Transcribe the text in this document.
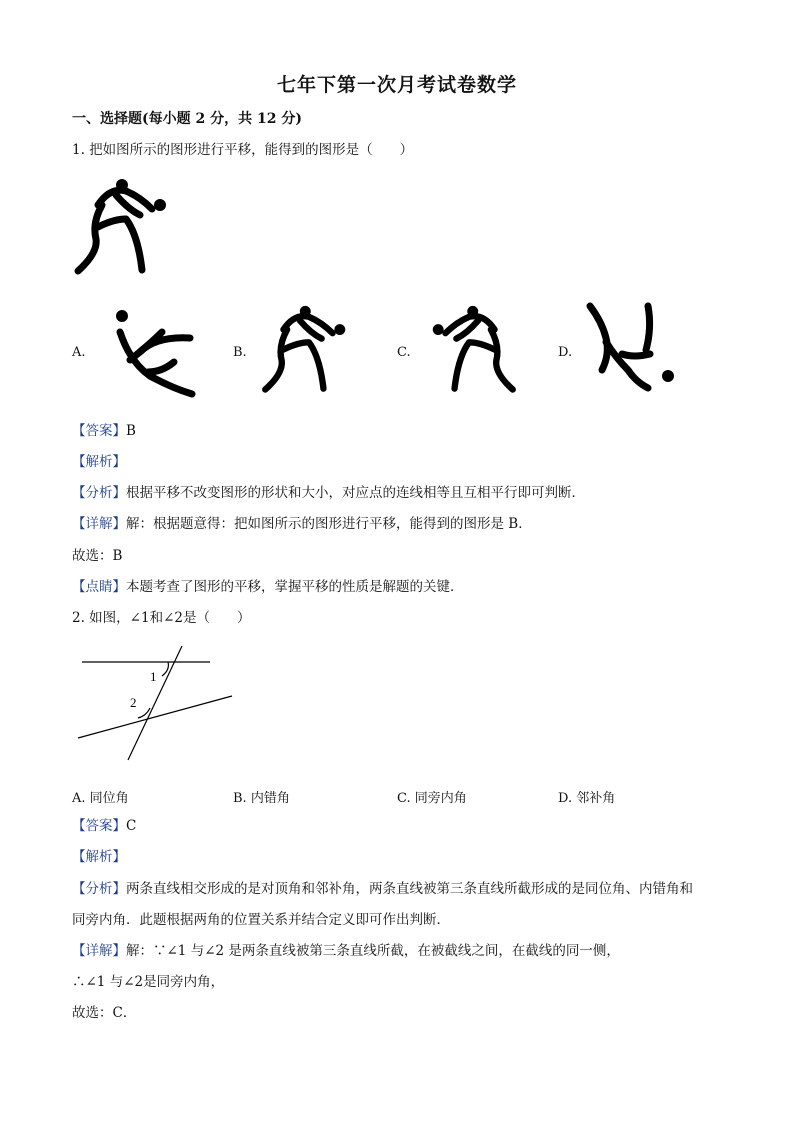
七年下第一次月考试卷数学
一、选择题(每小题 2 分，共 12 分)
1. 把如图所示的图形进行平移，能得到的图形是（　　）
A.	B.	C.	D.
【答案】B
【解析】
【分析】根据平移不改变图形的形状和大小，对应点的连线相等且互相平行即可判断．
【详解】解：根据题意得：把如图所示的图形进行平移，能得到的图形是 B．
故选：B
【点睛】本题考查了图形的平移，掌握平移的性质是解题的关键．
2. 如图，∠1和∠2是（　　）
1
2
A. 同位角	B. 内错角	C. 同旁内角	D. 邻补角
【答案】C
【解析】
【分析】两条直线相交形成的是对顶角和邻补角，两条直线被第三条直线所截形成的是同位角、内错角和
同旁内角．此题根据两角的位置关系并结合定义即可作出判断．
【详解】解：∵∠1 与∠2 是两条直线被第三条直线所截，在被截线之间，在截线的同一侧，
∴∠1 与∠2是同旁内角，
故选：C．
